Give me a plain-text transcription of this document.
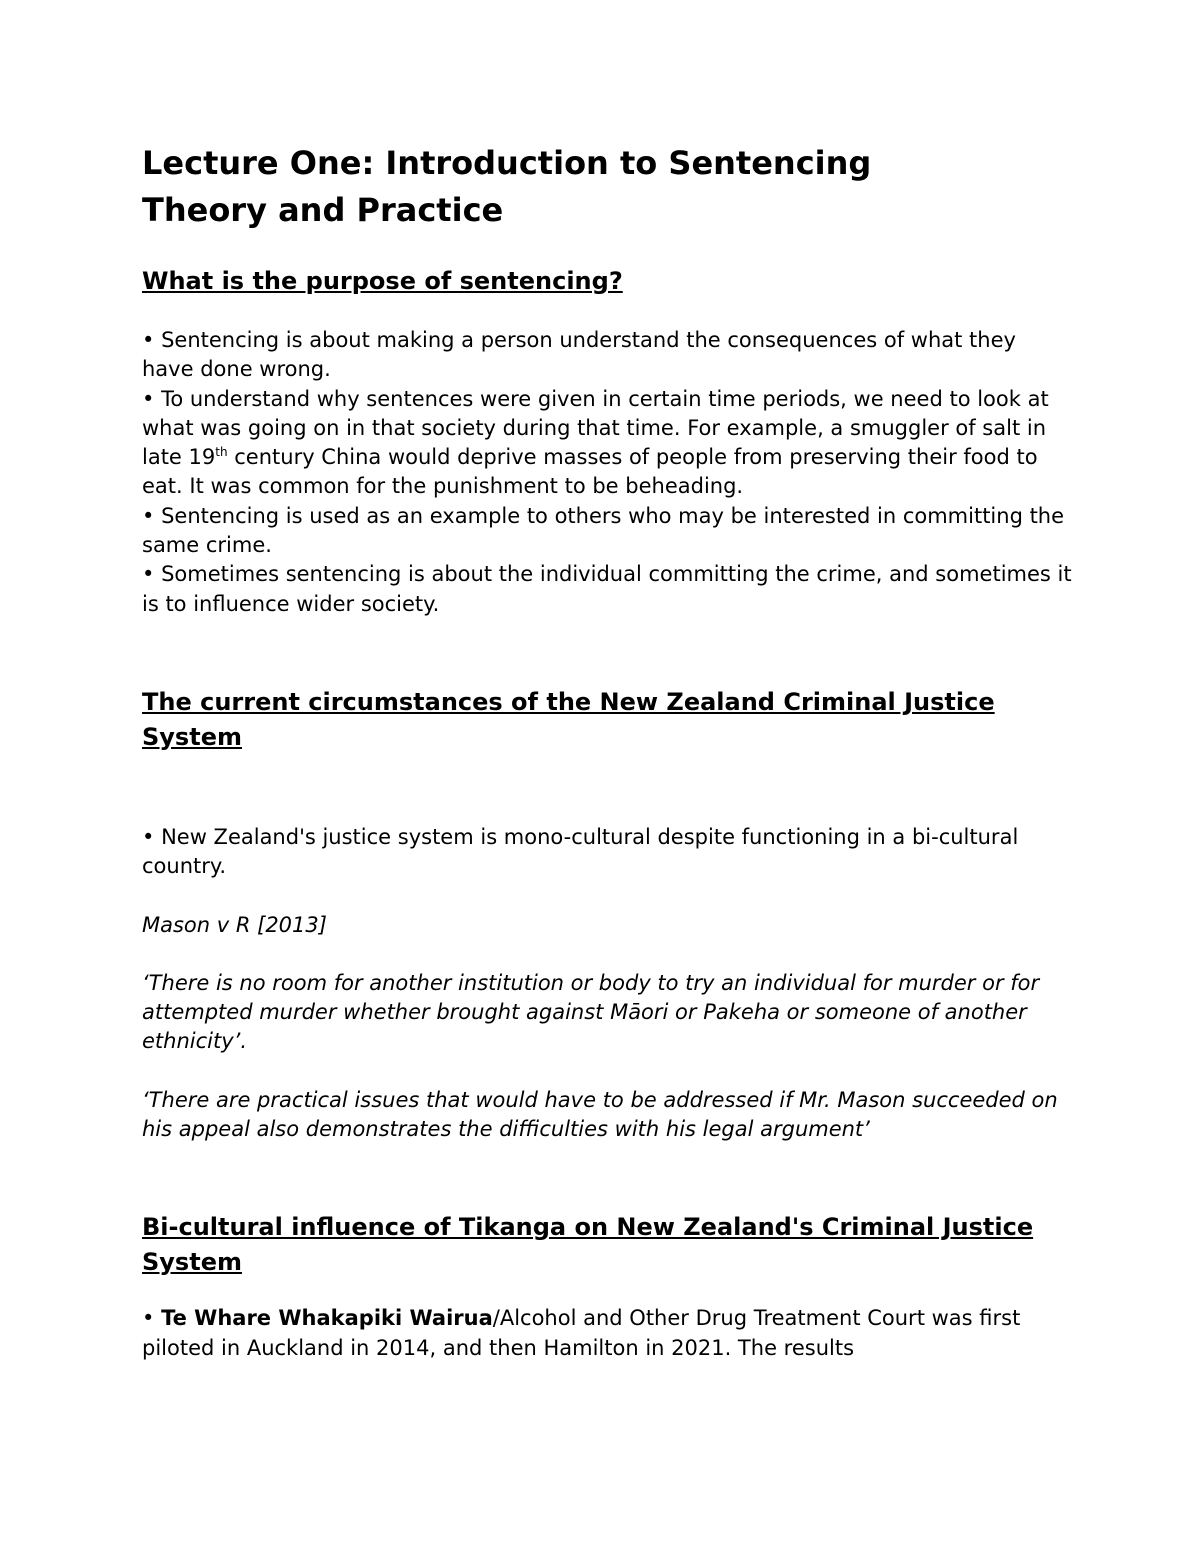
Lecture One: Introduction to Sentencing Theory and Practice
What is the purpose of sentencing?

• Sentencing is about making a person understand the consequences of what they have done wrong.

• To understand why sentences were given in certain time periods, we need to look at what was going on in that society during that time. For example, a smuggler of salt in late 19th century China would deprive masses of people from preserving their food to eat. It was common for the punishment to be beheading.

• Sentencing is used as an example to others who may be interested in committing the same crime.

• Sometimes sentencing is about the individual committing the crime, and sometimes it is to influence wider society.

The current circumstances of the New Zealand Criminal Justice System

• New Zealand's justice system is mono-cultural despite functioning in a bi-cultural country.

Mason v R [2013]

‘There is no room for another institution or body to try an individual for murder or for attempted murder whether brought against Māori or Pakeha or someone of another ethnicity’.

‘There are practical issues that would have to be addressed if Mr. Mason succeeded on his appeal also demonstrates the difficulties with his legal argument’

Bi-cultural influence of Tikanga on New Zealand's Criminal Justice System

• Te Whare Whakapiki Wairua/Alcohol and Other Drug Treatment Court was first piloted in Auckland in 2014, and then Hamilton in 2021. The results
